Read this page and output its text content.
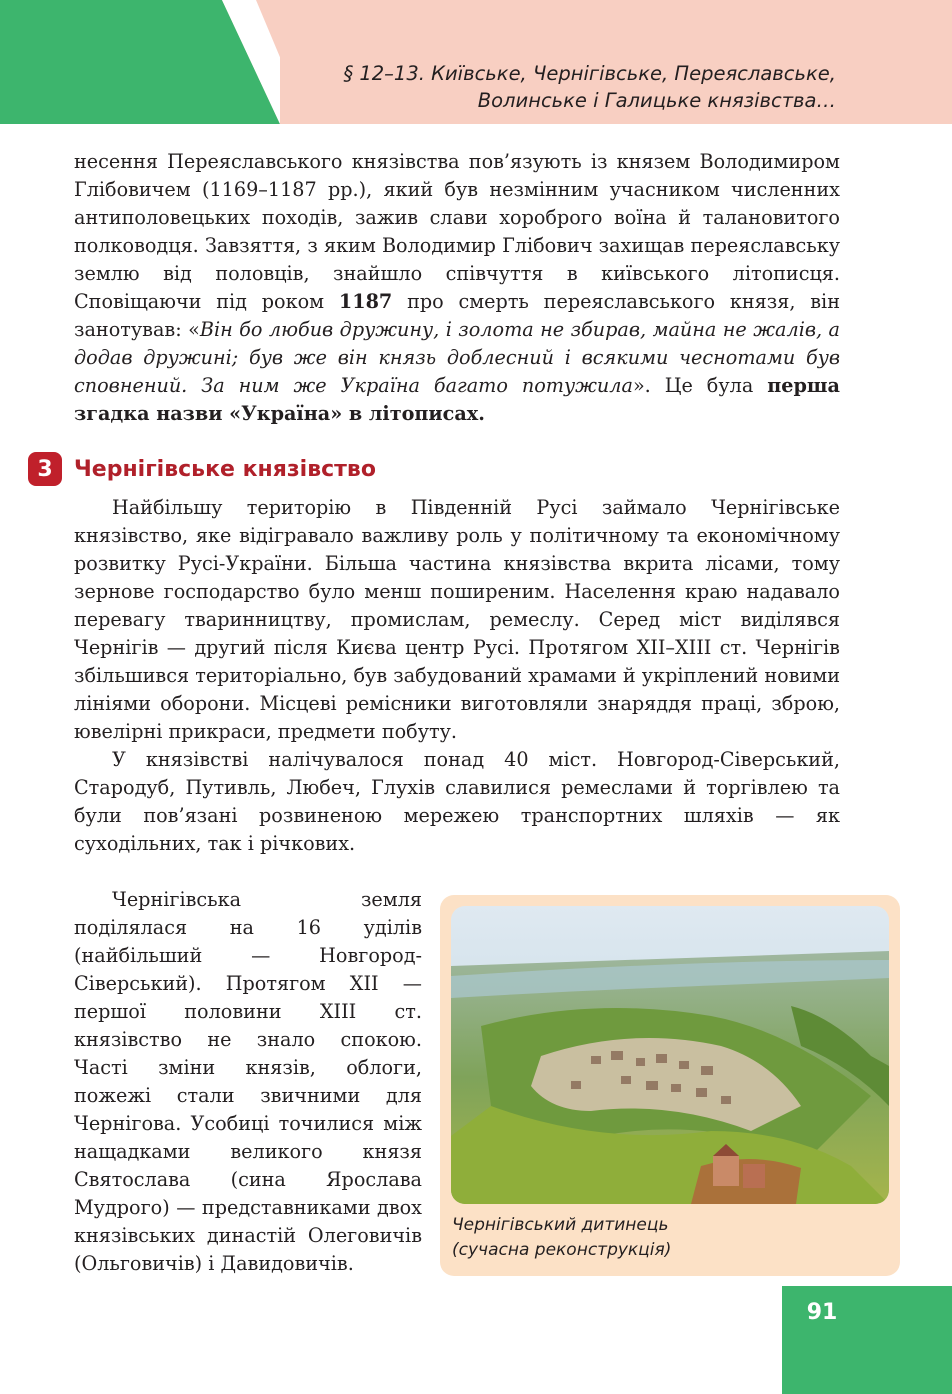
§ 12–13. Київське, Чернігівське, Переяславське,
Волинське і Галицьке князівства…

несення Переяславського князівства пов’язують із князем Володимиром Глібовичем (1169–1187 рр.), який був незмінним учасником численних антиполовецьких походів, зажив слави хороброго воїна й талановитого полководця. Завзяття, з яким Володимир Глібович захищав переяславську землю від половців, знайшло співчуття в київського літописця. Сповіщаючи під роком 1187 про смерть переяславського князя, він занотував: «Він бо любив дружину, і золота не збирав, майна не жалів, а додав дружині; був же він князь доблесний і всякими чеснотами був сповнений. За ним же Україна багато потужила». Це була перша згадка назви «Україна» в літописах.

3 Чернігівське князівство

Найбільшу територію в Південній Русі займало Чернігівське князівство, яке відігравало важливу роль у політичному та економічному розвитку Русі-України. Більша частина князівства вкрита лісами, тому зернове господарство було менш поширеним. Населення краю надавало перевагу тваринництву, промислам, ремеслу. Серед міст виділявся Чернігів — другий після Києва центр Русі. Протягом XII–XIII ст. Чернігів збільшився територіально, був забудований храмами й укріплений новими лініями оборони. Місцеві ремісники виготовляли знаряддя праці, зброю, ювелірні прикраси, предмети побуту.

У князівстві налічувалося понад 40 міст. Новгород-Сіверський, Стародуб, Путивль, Любеч, Глухів славилися ремеслами й торгівлею та були пов’язані розвиненою мережею транспортних шляхів — як суходільних, так і річкових.

Чернігівська земля поділялася на 16 уділів (найбільший — Новгород-Сіверський). Протягом XII — першої половини XIII ст. князівство не знало спокою. Часті зміни князів, облоги, пожежі стали звичними для Чернігова. Усобиці точилися між нащадками великого князя Святослава (сина Ярослава Мудрого) — представниками двох князівських династій Олеговичів (Ольговичів) і Давидовичів.

Чернігівський дитинець
(сучасна реконструкція)
91
